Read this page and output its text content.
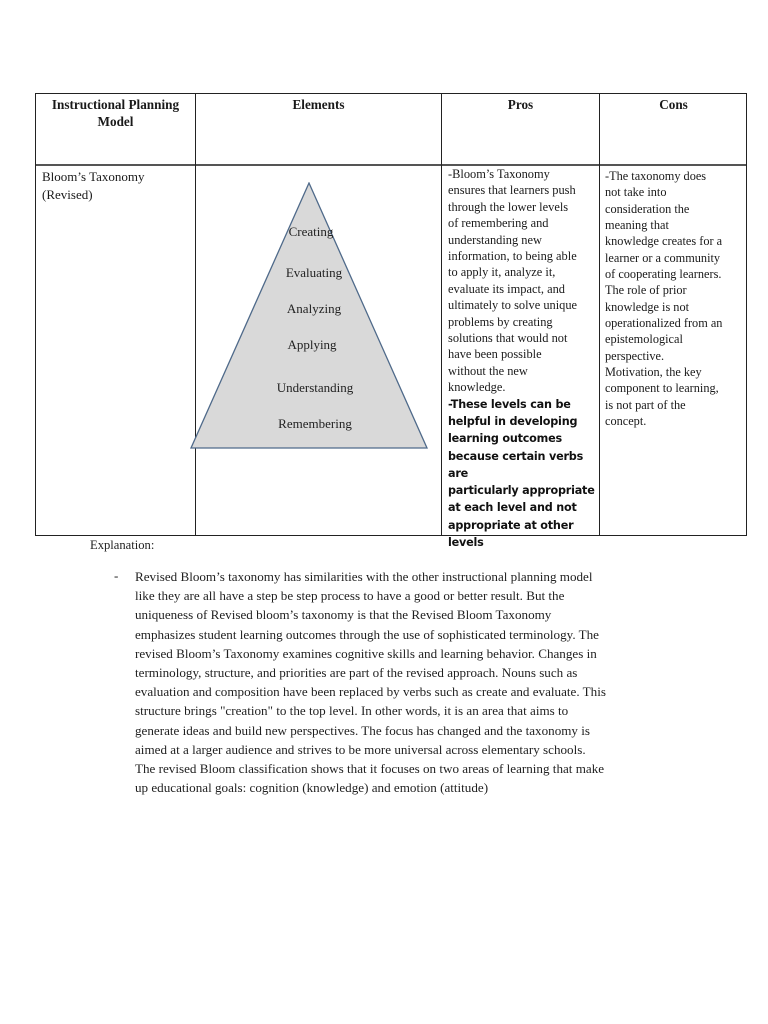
Instructional Planning Model
Elements	Pros	Cons
Bloom’s Taxonomy
(Revised)
Creating
Evaluating
Analyzing
Applying
Understanding
Remembering
-Bloom’s Taxonomy
ensures that learners push
through the lower levels
of remembering and
understanding new
information, to being able
to apply it, analyze it,
evaluate its impact, and
ultimately to solve unique
problems by creating
solutions that would not
have been possible
without the new
knowledge.
-These levels can be
helpful in developing
learning outcomes
because certain verbs are
particularly appropriate
at each level and not
appropriate at other
levels
-The taxonomy does
not take into
consideration the
meaning that
knowledge creates for a
learner or a community
of cooperating learners.
The role of prior
knowledge is not
operationalized from an
epistemological
perspective.
Motivation, the key
component to learning,
is not part of the
concept.
Explanation:
- Revised Bloom’s taxonomy has similarities with the other instructional planning model
like they are all have a step be step process to have a good or better result. But the
uniqueness of Revised bloom’s taxonomy is that the Revised Bloom Taxonomy
emphasizes student learning outcomes through the use of sophisticated terminology. The
revised Bloom’s Taxonomy examines cognitive skills and learning behavior. Changes in
terminology, structure, and priorities are part of the revised approach. Nouns such as
evaluation and composition have been replaced by verbs such as create and evaluate. This
structure brings "creation" to the top level. In other words, it is an area that aims to
generate ideas and build new perspectives. The focus has changed and the taxonomy is
aimed at a larger audience and strives to be more universal across elementary schools.
The revised Bloom classification shows that it focuses on two areas of learning that make
up educational goals: cognition (knowledge) and emotion (attitude)
